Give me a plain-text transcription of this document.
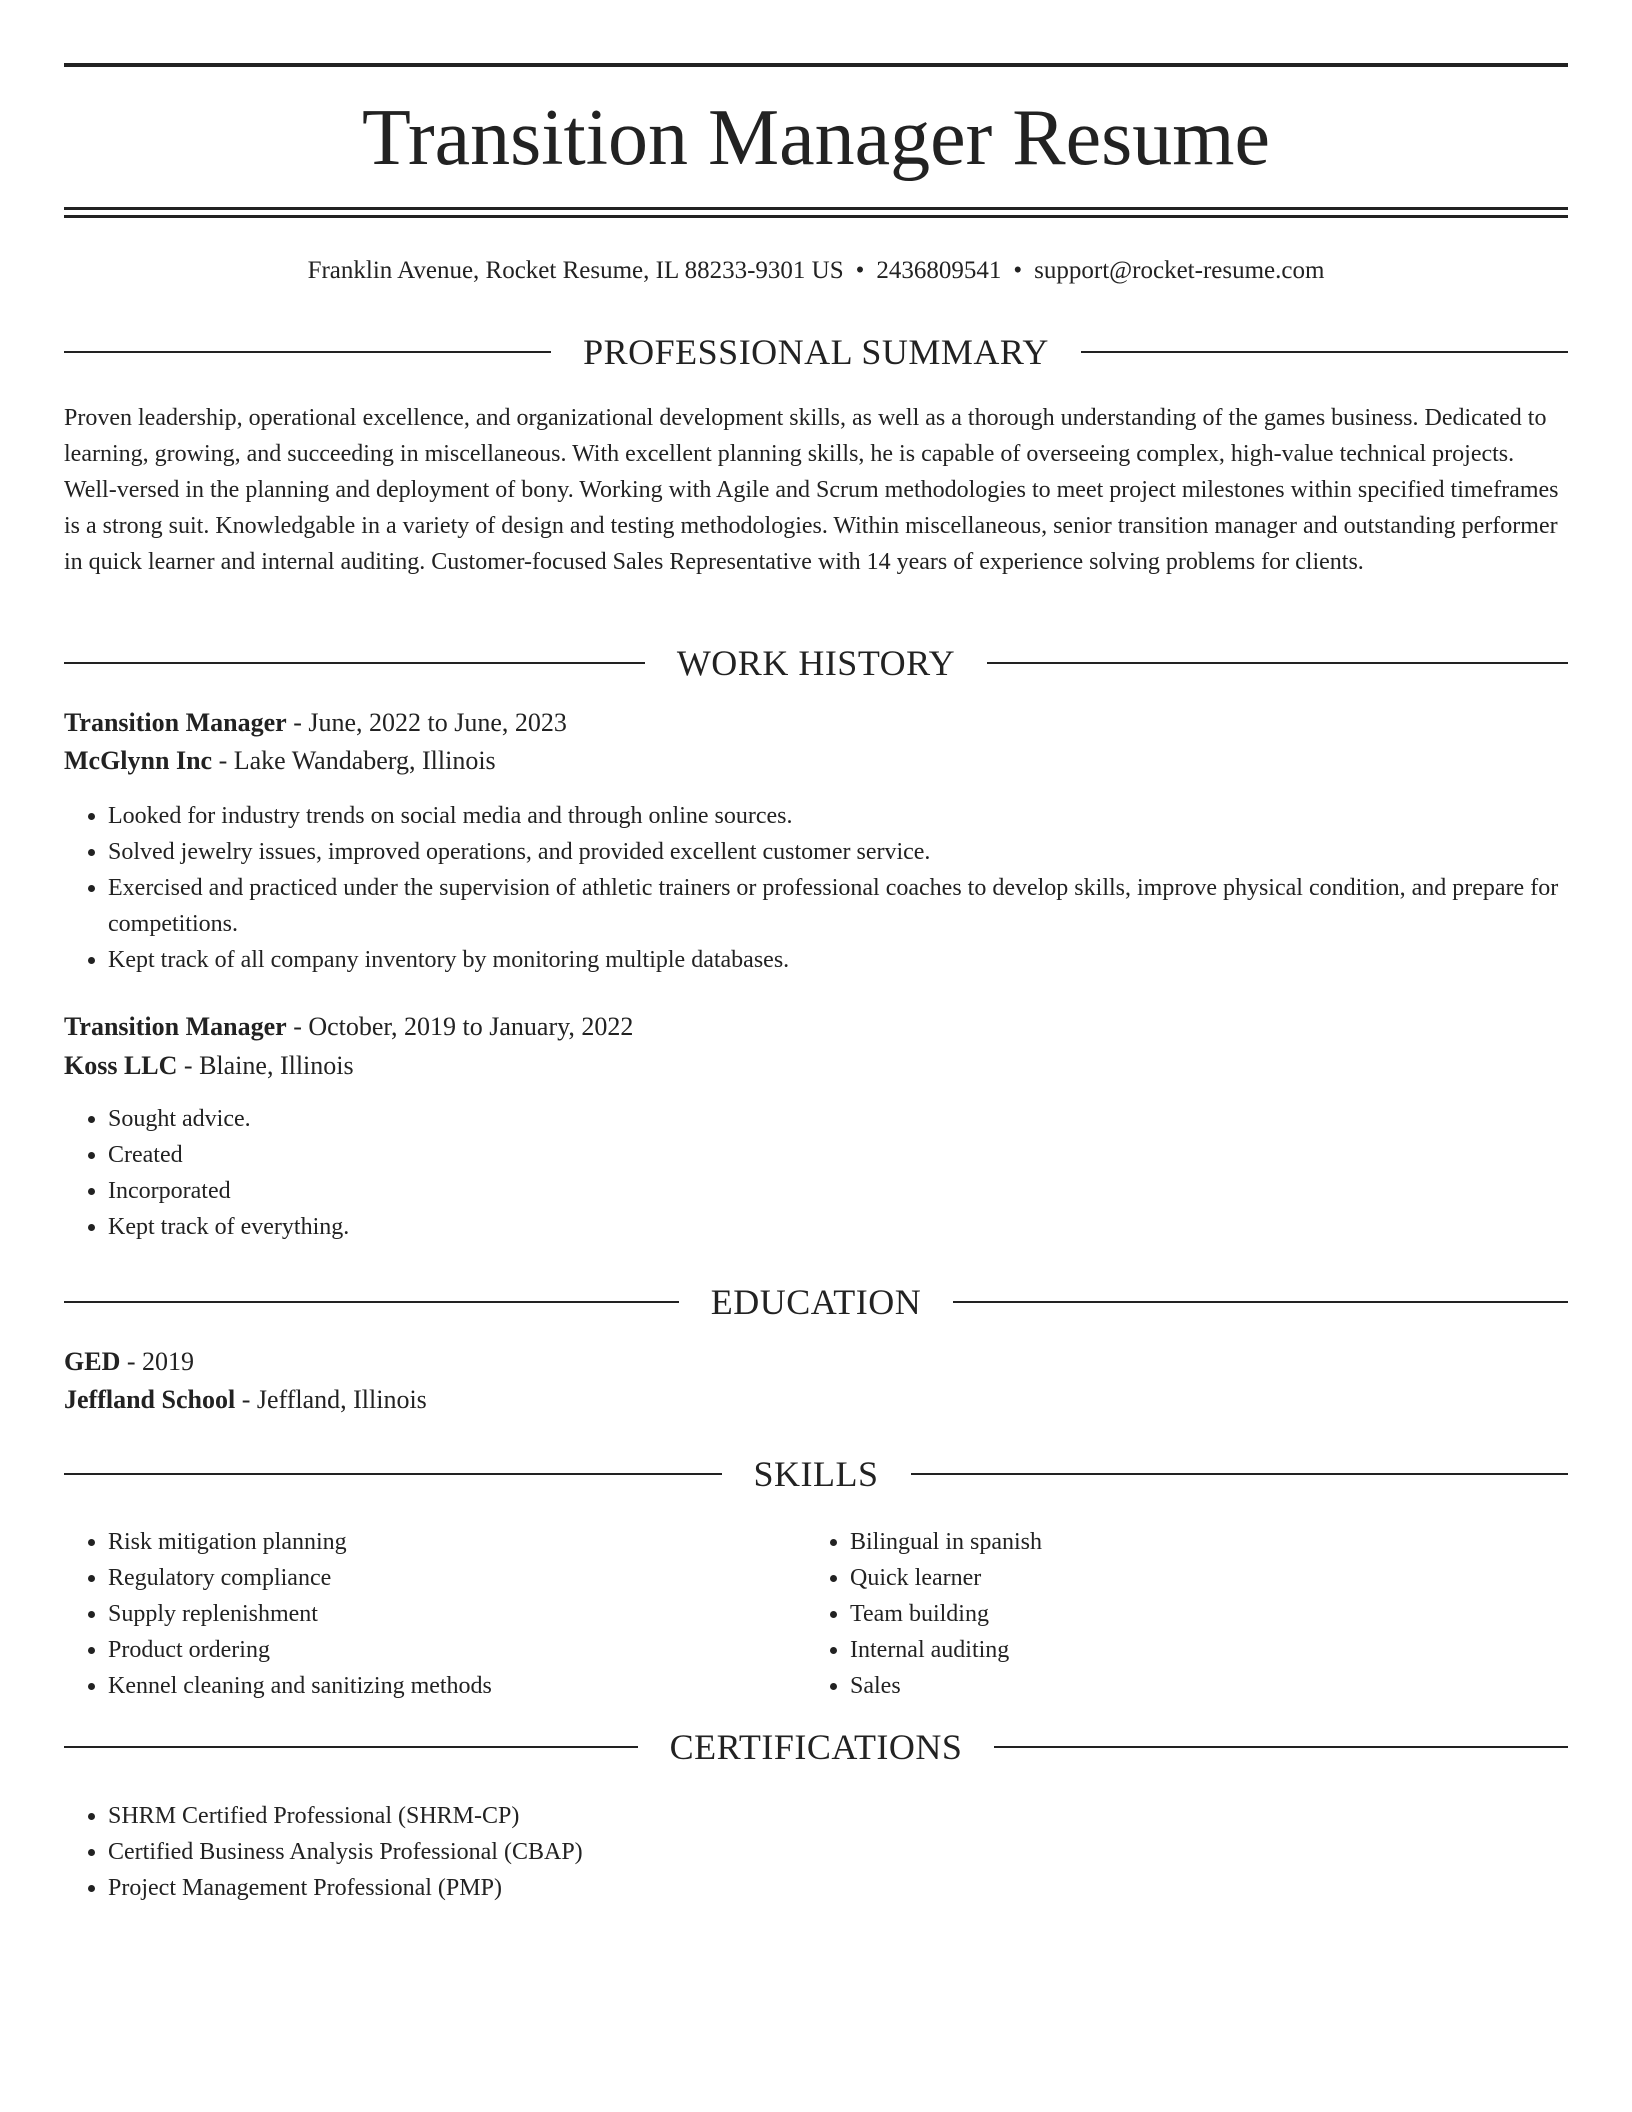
Transition Manager Resume
Franklin Avenue, Rocket Resume, IL 88233-9301 US • 2436809541 • support@rocket-resume.com
PROFESSIONAL SUMMARY

Proven leadership, operational excellence, and organizational development skills, as well as a thorough understanding of the games business. Dedicated to learning, growing, and succeeding in miscellaneous. With excellent planning skills, he is capable of overseeing complex, high-value technical projects. Well-versed in the planning and deployment of bony. Working with Agile and Scrum methodologies to meet project milestones within specified timeframes is a strong suit. Knowledgable in a variety of design and testing methodologies. Within miscellaneous, senior transition manager and outstanding performer in quick learner and internal auditing. Customer-focused Sales Representative with 14 years of experience solving problems for clients.

WORK HISTORY
Transition Manager - June, 2022 to June, 2023
McGlynn Inc - Lake Wandaberg, Illinois
• Looked for industry trends on social media and through online sources.
• Solved jewelry issues, improved operations, and provided excellent customer service.
• Exercised and practiced under the supervision of athletic trainers or professional coaches to develop skills, improve physical condition, and prepare for competitions.
• Kept track of all company inventory by monitoring multiple databases.
Transition Manager - October, 2019 to January, 2022
Koss LLC - Blaine, Illinois
• Sought advice.
• Created
• Incorporated
• Kept track of everything.
EDUCATION
GED - 2019
Jeffland School - Jeffland, Illinois
SKILLS
• Risk mitigation planning
• Regulatory compliance
• Supply replenishment
• Product ordering
• Kennel cleaning and sanitizing methods
• Bilingual in spanish
• Quick learner
• Team building
• Internal auditing
• Sales
CERTIFICATIONS
• SHRM Certified Professional (SHRM-CP)
• Certified Business Analysis Professional (CBAP)
• Project Management Professional (PMP)
